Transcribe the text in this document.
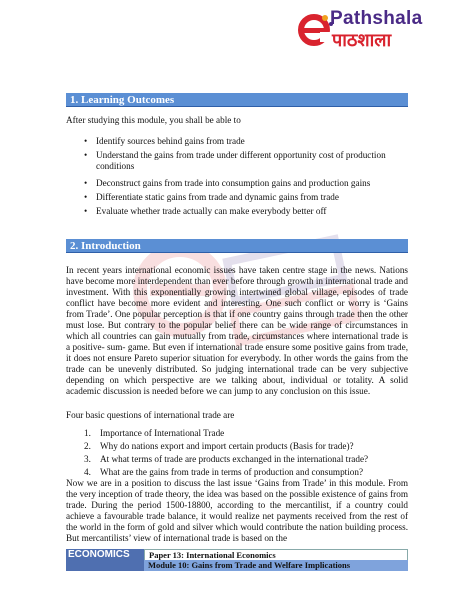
Pathshala
पाठशाला
1. Learning Outcomes
After studying this module, you shall be able to
• Identify sources behind gains from trade
• Understand the gains from trade under different opportunity cost of production conditions
• Deconstruct gains from trade into consumption gains and production gains
• Differentiate static gains from trade and dynamic gains from trade
• Evaluate whether trade actually can make everybody better off
2. Introduction
In recent years international economic issues have taken centre stage in the news. Nations have become more interdependent than ever before through growth in international trade and investment. With this exponentially growing intertwined global village, episodes of trade conflict have become more evident and interesting. One such conflict or worry is ‘Gains from Trade’. One popular perception is that if one country gains through trade then the other must lose. But contrary to the popular belief there can be wide range of circumstances in which all countries can gain mutually from trade, circumstances where international trade is a positive- sum- game. But even if international trade ensure some positive gains from trade, it does not ensure Pareto superior situation for everybody. In other words the gains from the trade can be unevenly distributed. So judging international trade can be very subjective depending on which perspective are we talking about, individual or totality. A solid academic discussion is needed before we can jump to any conclusion on this issue.
Four basic questions of international trade are
1. Importance of International Trade
2. Why do nations export and import certain products (Basis for trade)?
3. At what terms of trade are products exchanged in the international trade?
4. What are the gains from trade in terms of production and consumption?
Now we are in a position to discuss the last issue ‘Gains from Trade’ in this module. From the very inception of trade theory, the idea was based on the possible existence of gains from trade. During the period 1500-18800, according to the mercantilist, if a country could achieve a favourable trade balance, it would realize net payments received from the rest of the world in the form of gold and silver which would contribute the nation building process. But mercantilists’ view of international trade is based on the
ECONOMICS	Paper 13: International Economics
Module 10: Gains from Trade and Welfare Implications
